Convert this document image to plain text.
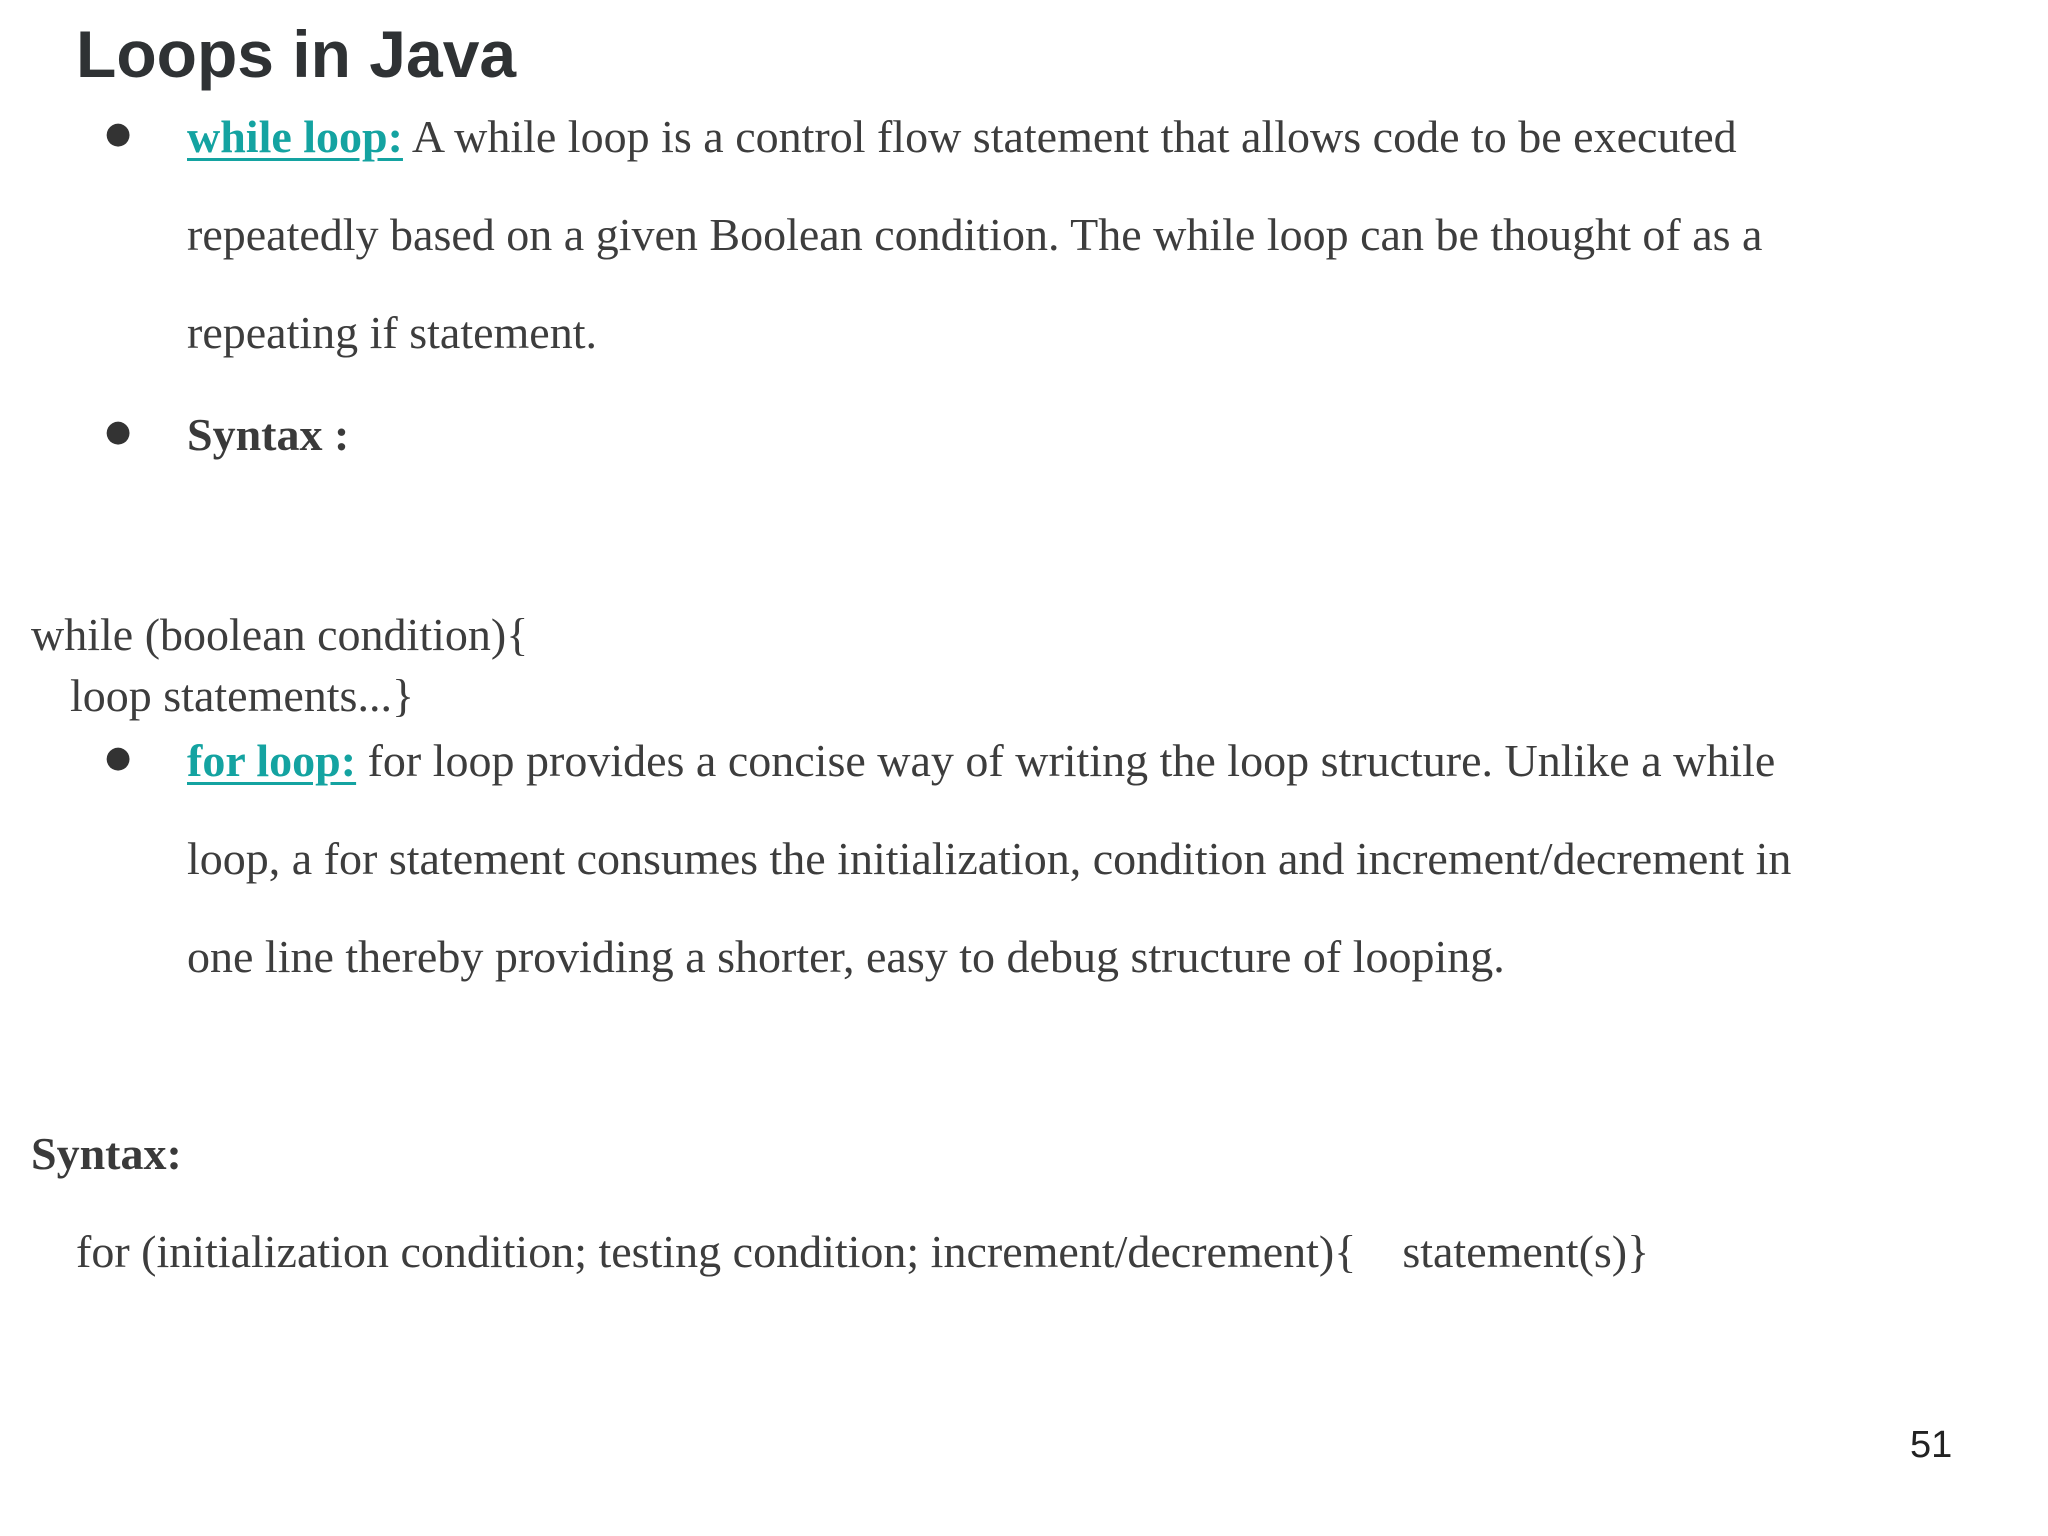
Loops in Java
● while loop: A while loop is a control flow statement that allows code to be executed
repeatedly based on a given Boolean condition. The while loop can be thought of as a
repeating if statement.
● Syntax :
while (boolean condition){
loop statements...}
● for loop: for loop provides a concise way of writing the loop structure. Unlike a while
loop, a for statement consumes the initialization, condition and increment/decrement in
one line thereby providing a shorter, easy to debug structure of looping.
Syntax:
for (initialization condition; testing condition; increment/decrement){    statement(s)}
51
